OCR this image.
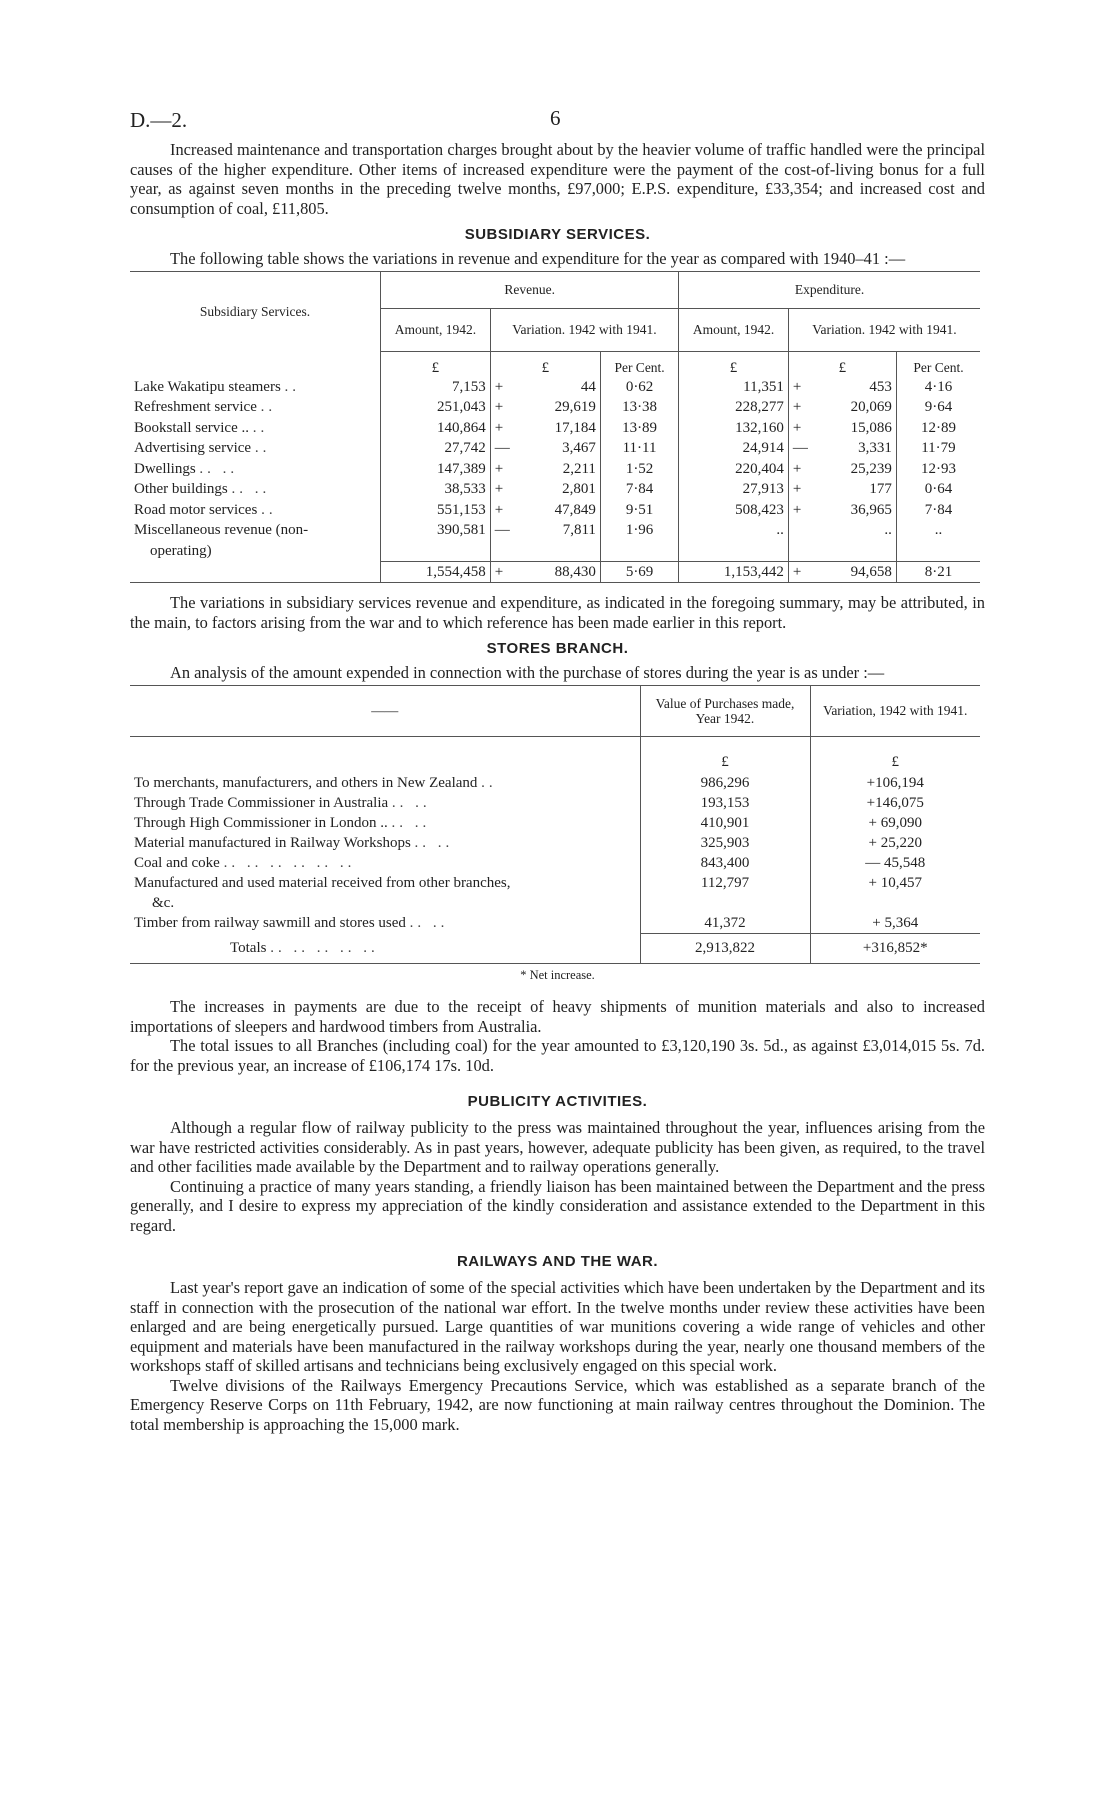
D.—2.	6

Increased maintenance and transportation charges brought about by the heavier volume of traffic handled were the principal causes of the higher expenditure. Other items of increased expenditure were the payment of the cost-of-living bonus for a full year, as against seven months in the preceding twelve months, £97,000; E.P.S. expenditure, £33,354; and increased cost and consumption of coal, £11,805.

SUBSIDIARY SERVICES.

The following table shows the variations in revenue and expenditure for the year as compared with 1940–41 :—

Subsidiary Services.	Revenue.				Expenditure.			
	Amount, 1942.	Variation. 1942 with 1941.			Amount, 1942.	Variation. 1942 with 1941.		
	£	£		Per Cent.	£	£		Per Cent.
Lake Wakatipu steamers ..	7,153	+	44	0·62	11,351	+	453	4·16
Refreshment service ..	251,043	+	29,619	13·38	228,277	+	20,069	9·64
Bookstall service .. ..	140,864	+	17,184	13·89	132,160	+	15,086	12·89
Advertising service ..	27,742	—	3,467	11·11	24,914	—	3,331	11·79
Dwellings .. ..	147,389	+	2,211	1·52	220,404	+	25,239	12·93
Other buildings .. ..	38,533	+	2,801	7·84	27,913	+	177	0·64
Road motor services ..	551,153	+	47,849	9·51	508,423	+	36,965	7·84
Miscellaneous revenue (non-	390,581	—	7,811	1·96	..		..	..
operating)								
	1,554,458	+	88,430	5·69	1,153,442	+	94,658	8·21

The variations in subsidiary services revenue and expenditure, as indicated in the foregoing summary, may be attributed, in the main, to factors arising from the war and to which reference has been made earlier in this report.

STORES BRANCH.

An analysis of the amount expended in connection with the purchase of stores during the year is as under :—

——	Value of Purchases made, Year 1942.	Variation, 1942 with 1941.
	£	£
To merchants, manufacturers, and others in New Zealand ..	986,296	+106,194
Through Trade Commissioner in Australia .. ..	193,153	+146,075
Through High Commissioner in London .. .. ..	410,901	+ 69,090
Material manufactured in Railway Workshops .. ..	325,903	+ 25,220
Coal and coke .. .. .. .. .. ..	843,400	— 45,548
Manufactured and used material received from other branches,	112,797	+ 10,457
&c.		
Timber from railway sawmill and stores used .. ..	41,372	+ 5,364
Totals .. .. .. .. ..	2,913,822	+316,852*
* Net increase.

The increases in payments are due to the receipt of heavy shipments of munition materials and also to increased importations of sleepers and hardwood timbers from Australia.

The total issues to all Branches (including coal) for the year amounted to £3,120,190 3s. 5d., as against £3,014,015 5s. 7d. for the previous year, an increase of £106,174 17s. 10d.

PUBLICITY ACTIVITIES.

Although a regular flow of railway publicity to the press was maintained throughout the year, influences arising from the war have restricted activities considerably. As in past years, however, adequate publicity has been given, as required, to the travel and other facilities made available by the Department and to railway operations generally.

Continuing a practice of many years standing, a friendly liaison has been maintained between the Department and the press generally, and I desire to express my appreciation of the kindly consideration and assistance extended to the Department in this regard.

RAILWAYS AND THE WAR.

Last year's report gave an indication of some of the special activities which have been undertaken by the Department and its staff in connection with the prosecution of the national war effort. In the twelve months under review these activities have been enlarged and are being energetically pursued. Large quantities of war munitions covering a wide range of vehicles and other equipment and materials have been manufactured in the railway workshops during the year, nearly one thousand members of the workshops staff of skilled artisans and technicians being exclusively engaged on this special work.

Twelve divisions of the Railways Emergency Precautions Service, which was established as a separate branch of the Emergency Reserve Corps on 11th February, 1942, are now functioning at main railway centres throughout the Dominion. The total membership is approaching the 15,000 mark.
